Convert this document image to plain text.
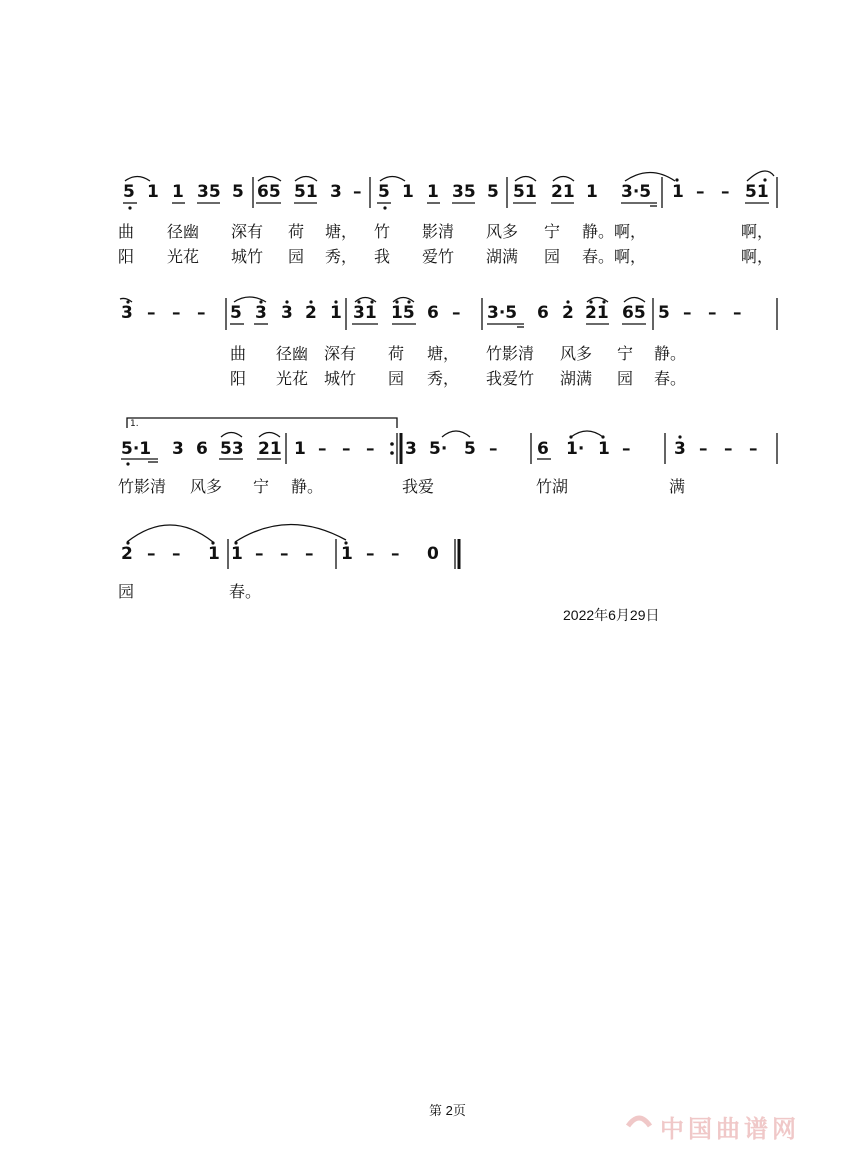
5 1 1 35 5 65 51 3 – 5 1 1 35 5 51 21 1 3·5 1 – – 51
曲 径幽 深有 荷 塘， 竹 影清 风多 宁 静。啊，	啊，
阳 光花 城竹 园 秀， 我 爱竹 湖满 园 春。啊，	啊，
3 – – – 5 3 3 2 1 31 15 6 – 3·5 6 2 21 65 5 – – –
曲 径幽 深有 荷 塘， 竹影清 风多 宁 静。
阳 光花 城竹 园 秀， 我爱竹 湖满 园 春。
1.
5·1 3 6 53 21 1 – – – 3 5· 5 – 6 1· 1 –	3 – – –
竹影清 风多 宁 静。	我爱	竹湖	满
2 – – 1 1 – – – 1 – – 0
园	春。
2022年6月29日
第 2页
中国曲谱网
